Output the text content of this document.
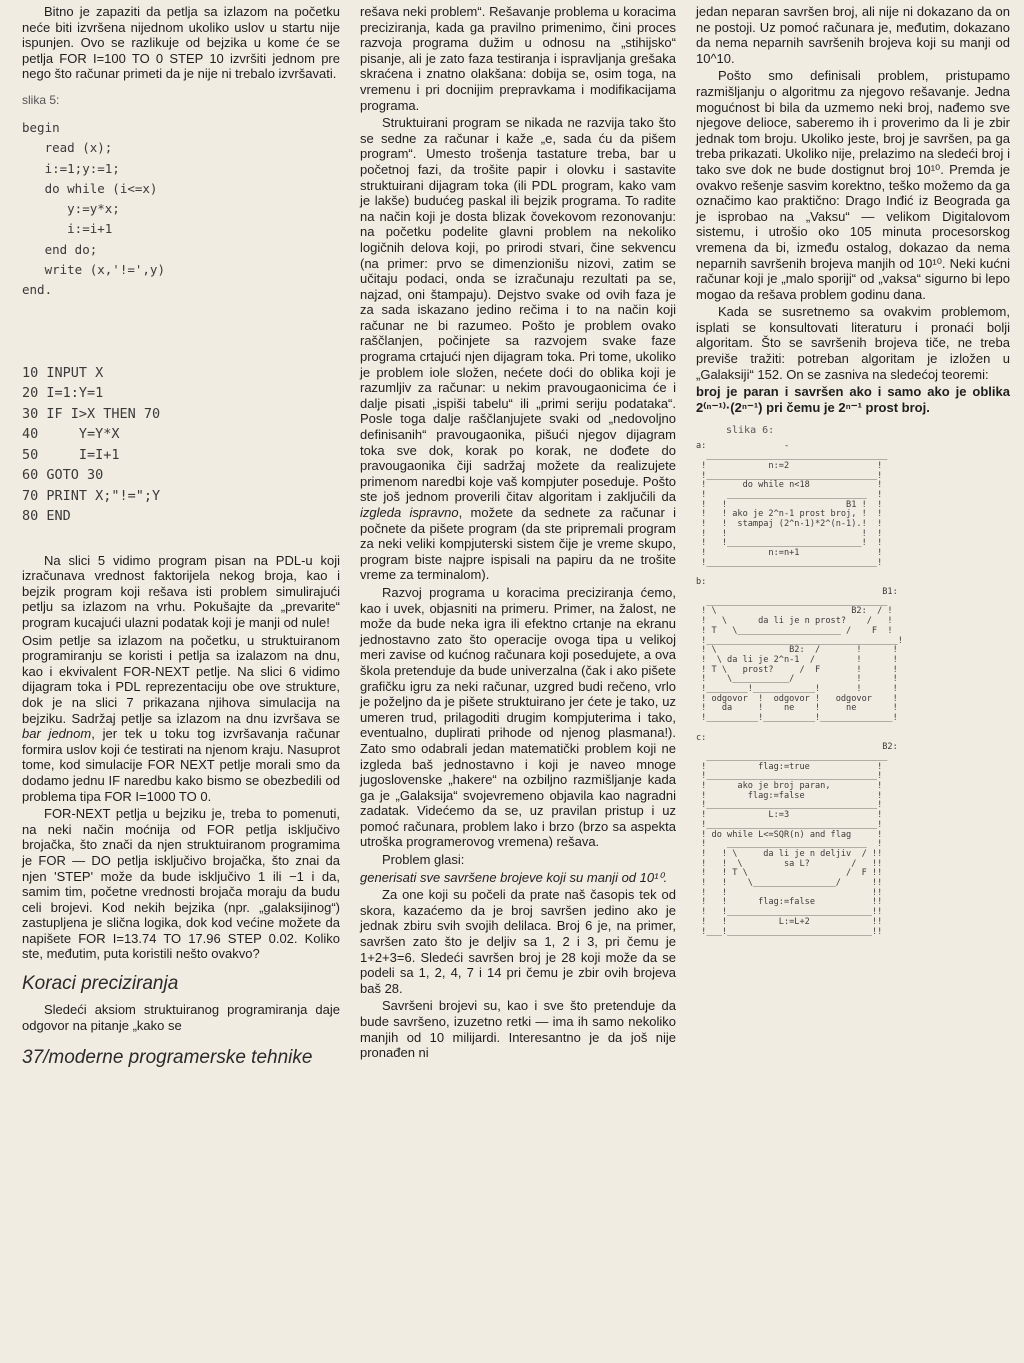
Bitno je zapaziti da petlja sa izlazom na početku neće biti izvršena nijednom ukoliko uslov u startu nije ispunjen. Ovo se razlikuje od bejzika u kome će se petlja FOR I=100 TO 0 STEP 10 izvršiti jednom pre nego što računar primeti da je nije ni trebalo izvršavati.

slika 5:
begin
read (x);
i:=1;y:=1;
do while (i<=x)
y:=y*x;
i:=i+1
end do;
write (x,'!=',y)
end.
10 INPUT X
20 I=1:Y=1
30 IF I>X THEN 70
40     Y=Y*X
50     I=I+1
60 GOTO 30
70 PRINT X;"!=";Y
80 END

Na slici 5 vidimo program pisan na PDL-u koji izračunava vrednost faktorijela nekog broja, kao i bejzik program koji rešava isti problem simulirajući petlju sa izlazom na vrhu. Pokušajte da „prevarite“ program kucajući ulazni podatak koji je manji od nule!

Osim petlje sa izlazom na početku, u struktuiranom programiranju se koristi i petlja sa izalazom na dnu, kao i ekvivalent FOR-NEXT petlje. Na slici 6 vidimo dijagram toka i PDL reprezentaciju obe ove strukture, dok je na slici 7 prikazana njihova simulacija na bejziku. Sadržaj petlje sa izlazom na dnu izvršava se bar jednom, jer tek u toku tog izvršavanja računar formira uslov koji će testirati na njenom kraju. Nasuprot tome, kod simulacije FOR NEXT petlje morali smo da dodamo jednu IF naredbu kako bismo se obezbedili od problema tipa FOR I=1000 TO 0.

FOR-NEXT petlja u bejziku je, treba to pomenuti, na neki način moćnija od FOR petlja isključivo brojačka, što znači da njen struktuiranom programima je FOR — DO petlja isključivo brojačka, što znai da njen 'STEP' može da bude isključivo 1 ili −1 i da, samim tim, početne vrednosti brojača moraju da budu celi brojevi. Kod nekih bejzika (npr. „galaksijinog“) zastupljena je slična logika, dok kod većine možete da napišete FOR I=13.74 TO 17.96 STEP 0.02. Koliko ste, međutim, puta koristili nešto ovakvo?

Koraci preciziranja

Sledeći aksiom struktuiranog programiranja daje odgovor na pitanje „kako se

37/moderne programerske tehnike

rešava neki problem“. Rešavanje problema u koracima preciziranja, kada ga pravilno primenimo, čini proces razvoja programa dužim u odnosu na „stihijsko“ pisanje, ali je zato faza testiranja i ispravljanja grešaka skraćena i znatno olakšana: dobija se, osim toga, na vremenu i pri docnijim prepravkama i modifikacijama programa.

Struktuirani program se nikada ne razvija tako što se sedne za računar i kaže „e, sada ću da pišem program“. Umesto trošenja tastature treba, bar u početnoj fazi, da trošite papir i olovku i sastavite struktuirani dijagram toka (ili PDL program, kako vam je lakše) budućeg paskal ili bejzik programa. To radite na način koji je dosta blizak čovekovom rezonovanju: na početku podelite glavni problem na nekoliko logičnih delova koji, po prirodi stvari, čine sekvencu (na primer: prvo se dimenzionišu nizovi, zatim se učitaju podaci, onda se izračunaju rezultati pa se, najzad, oni štampaju). Dejstvo svake od ovih faza je za sada iskazano jedino rečima i to na način koji računar ne bi razumeo. Pošto je problem ovako raščlanjen, počinjete sa razvojem svake faze programa crtajući njen dijagram toka. Pri tome, ukoliko je problem iole složen, nećete doći do oblika koji je razumljiv za računar: u nekim pravougaonicima će i dalje pisati „ispiši tabelu“ ili „primi seriju podataka“. Posle toga dalje raščlanjujete svaki od „nedovoljno definisanih“ pravougaonika, pišući njegov dijagram toka svе dok, korak po korak, ne dođete do pravougaonika čiji sadržaj možete da realizujete primenom naredbi koje vaš kompjuter poseduje. Pošto ste još jednom proverili čitav algoritam i zaključili da izgleda ispravno, možete da sednete za računar i počnete da pišete program (da ste pripremali program za neki veliki kompjuterski sistem čije je vreme skupo, program biste najpre ispisali na papiru da ne trošite vreme za terminalom).

Razvoj programa u koracima preciziranja ćemo, kao i uvek, objasniti na primeru. Primer, na žalost, ne može da bude neka igra ili efektno crtanje na ekranu jednostavno zato što operacije ovoga tipa u velikoj meri zavise od kućnog računara koji posedujete, a ova škola pretenduje da bude univerzalna (čak i ako pišete grafičku igru za neki računar, uzgred budi rečeno, vrlo je poželjno da je pišete struktuirano jer ćete je tako, uz umeren trud, prilagoditi drugim kompjuterima i tako, eventualno, duplirati prihode od njenog plasmana!). Zato smo odabrali jedan matematički problem koji ne izgleda baš jednostavno i koji je naveo mnoge jugoslovenske „hakere“ na ozbiljno razmišljanje kada ga je „Galaksija“ svojevremeno objavila kao nagradni zadatak. Videćemo da se, uz pravilan pristup i uz pomoć računara, problem lako i brzo (brzo sa aspekta utroška programerovog vremena) rešava.

Problem glasi:

generisati sve savršene brojeve koji su manji od 10¹⁰.

Za one koji su počeli da prate naš časopis tek od skora, kazaćemo da je broj savršen jedino ako je jednak zbiru svih svojih delilaca. Broj 6 je, na primer, savršen zato što je deljiv sa 1, 2 i 3, pri čemu je 1+2+3=6. Sledeći savršen broj je 28 koji može da se podeli sa 1, 2, 4, 7 i 14 pri čemu je zbir ovih brojeva baš 28.

Savršeni brojevi su, kao i sve što pretenduje da bude savršeno, izuzetno retki — ima ih samo nekoliko manjih od 10 milijardi. Interesantno je da još nije pronađen ni

jedan neparan savršen broj, ali nije ni dokazano da on ne postoji. Uz pomoć računara je, međutim, dokazano da nema neparnih savršenih brojeva koji su manji od 10^10.

Pošto smo definisali problem, pristupamo razmišljanju o algoritmu za njegovo rešavanje. Jedna mogućnost bi bila da uzmemo neki broj, nađemo sve njegove delioce, saberemo ih i proverimo da li je zbir jednak tom broju. Ukoliko jeste, broj je savršen, pa ga treba prikazati. Ukoliko nije, prelazimo na sledeći broj i tako sve dok ne bude dostignut broj 10¹⁰. Premda je ovakvo rešenje sasvim korektno, teško možemo da ga označimo kao praktično: Drago Inđić iz Beograda ga je isprobao na „Vaksu“ — velikom Digitalovom sistemu, i utrošio oko 105 minuta procesorskog vremena da bi, između ostalog, dokazao da nema neparnih savršenih brojeva manjih od 10¹⁰. Neki kućni računar koji je „malo sporiji“ od „vaksa“ sigurno bi lepo mogao da rešava problem godinu dana.

Kada se susretnemo sa ovakvim problemom, isplati se konsultovati literaturu i pronaći bolji algoritam. Što se savršenih brojeva tiče, ne treba previše tražiti: potreban algoritam je izložen u „Galaksiji“ 152. On se zasniva na sledećoj teoremi:

broj je paran i savršen ako i samo ako je oblika 2⁽ⁿ⁻¹⁾·(2ⁿ⁻¹) pri čemu je 2ⁿ⁻¹ prost broj.
slika 6:
a:               -
___________________________________
!            n:=2                 !
!_________________________________!
!       do while n<18             !
!    ___________________________  !
!   !                       B1 !  !
!   ! ako je 2^n-1 prost broj, !  !
!   !  stampaj (2^n-1)*2^(n-1).!  !
!   !                          !  !
!   !__________________________!  !
!            n:=n+1               !
!_________________________________!

b:
B1:
___________________________________
! \                          B2:  / !
!   \      da li je n prost?    /   !
! T   \____________________ /    F  !
!_____________________________________!
! \              B2:  /       !      !
!  \ da li je 2^n-1  /        !      !
! T \   prost?     /  F       !      !
!    \___________/            !      !
!________!____________!       !      !
! odgovor  !  odgovor !   odgovor    !
!   da     !    ne    !     ne       !
!__________!__________!______________!

c:
B2:
___________________________________
!          flag:=true             !
!_________________________________!
!      ako je broj paran,         !
!        flag:=false              !
!_________________________________!
!            L:=3                 !
!_________________________________!
! do while L<=SQR(n) and flag     !
!    ___________________________  !
!   ! \     da li je n deljiv  / !!
!   !  \        sa L?        /   !!
!   ! T \                   /  F !!
!   !    \________________/      !!
!   !                            !!
!   !      flag:=false           !!
!   !____________________________!!
!   !          L:=L+2            !!
!___!____________________________!!
